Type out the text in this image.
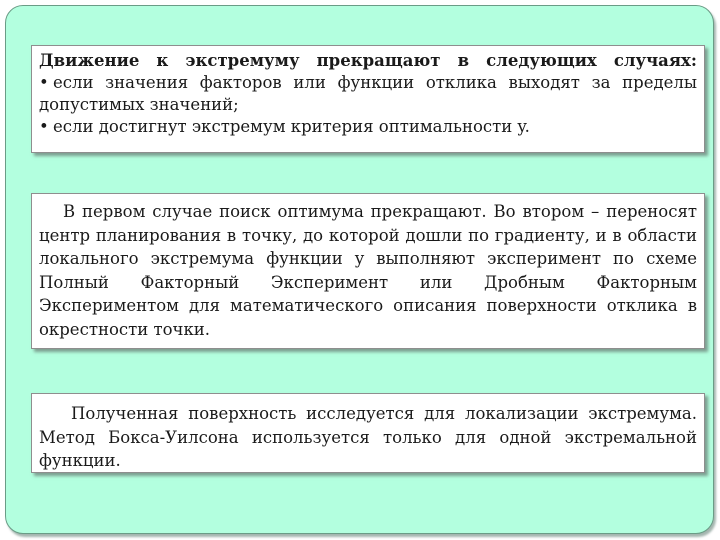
Движение к экстремуму прекращают в следующих случаях:

• если значения факторов или функции отклика выходят за пределы допустимых значений;

• если достигнут экстремум критерия оптимальности y.

В первом случае поиск оптимума прекращают. Во втором – переносят центр планирования в точку, до которой дошли по градиенту, и в области локального экстремума функции y выполняют эксперимент по схеме Полный Факторный Эксперимент или Дробным Факторным Экспериментом для математического описания поверхности отклика в окрестности точки.

Полученная поверхность исследуется для локализации экстремума. Метод Бокса-Уилсона используется только для одной экстремальной функции.
